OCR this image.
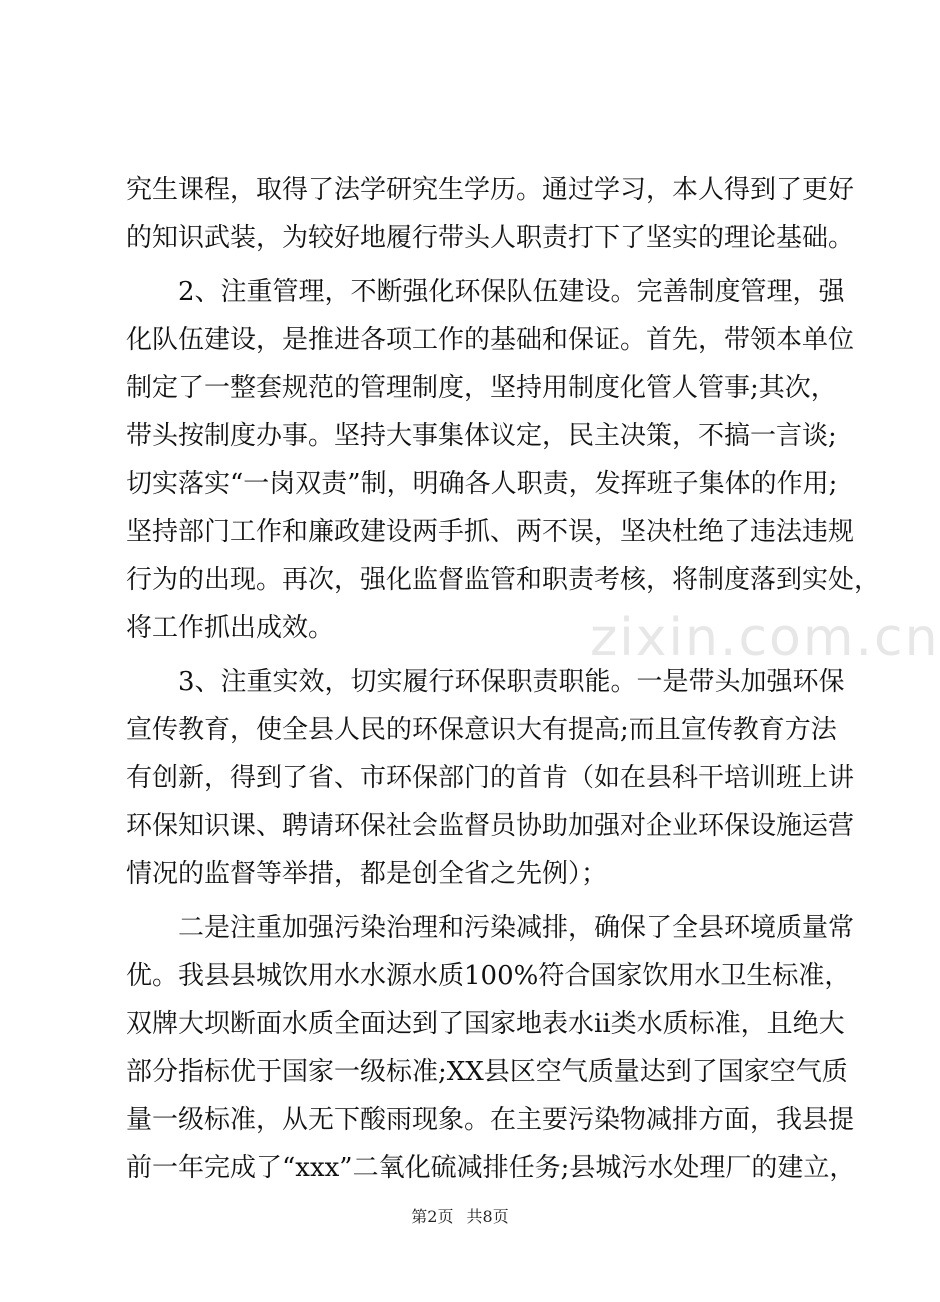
究生课程，取得了法学研究生学历。通过学习，本人得到了更好
的知识武装，为较好地履行带头人职责打下了坚实的理论基础。
2、注重管理，不断强化环保队伍建设。完善制度管理，强
化队伍建设，是推进各项工作的基础和保证。首先，带领本单位
制定了一整套规范的管理制度，坚持用制度化管人管事;其次，
带头按制度办事。坚持大事集体议定，民主决策，不搞一言谈;
切实落实“一岗双责”制，明确各人职责，发挥班子集体的作用;
坚持部门工作和廉政建设两手抓、两不误，坚决杜绝了违法违规
行为的出现。再次，强化监督监管和职责考核，将制度落到实处，
将工作抓出成效。
3、注重实效，切实履行环保职责职能。一是带头加强环保
宣传教育，使全县人民的环保意识大有提高;而且宣传教育方法
有创新，得到了省、市环保部门的首肯（如在县科干培训班上讲
环保知识课、聘请环保社会监督员协助加强对企业环保设施运营
情况的监督等举措，都是创全省之先例）；
二是注重加强污染治理和污染减排，确保了全县环境质量常
优。我县县城饮用水水源水质100%符合国家饮用水卫生标准，
双牌大坝断面水质全面达到了国家地表水ii类水质标准，且绝大
部分指标优于国家一级标准;XX县区空气质量达到了国家空气质
量一级标准，从无下酸雨现象。在主要污染物减排方面，我县提
前一年完成了“xxx”二氧化硫减排任务;县城污水处理厂的建立，
zixin.com.cn
第2页 共8页
